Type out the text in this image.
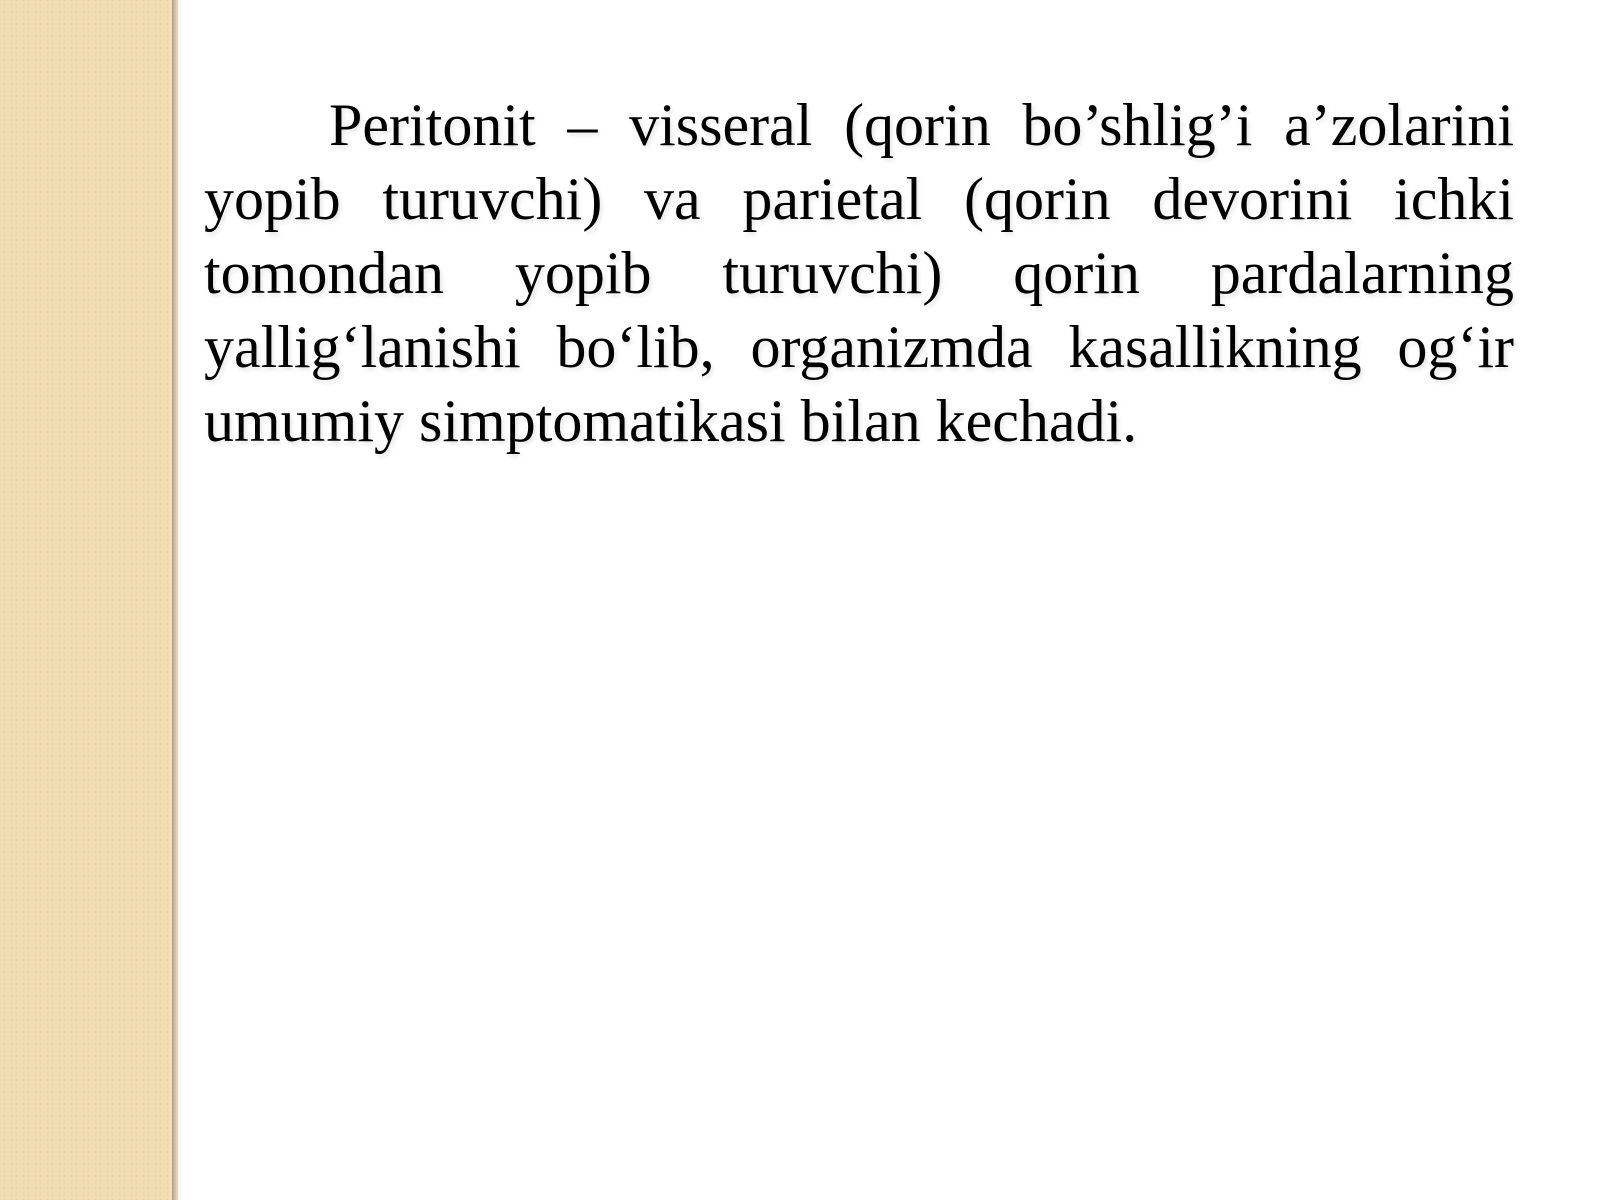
Peritonit – visseral (qorin bo’shlig’i a’zolarini yopib turuvchi) va parietal (qorin devorini ichki tomondan yopib turuvchi) qorin pardalarning yallig‘lanishi bo‘lib, organizmda kasallikning og‘ir umumiy simptomatikasi bilan kechadi.
